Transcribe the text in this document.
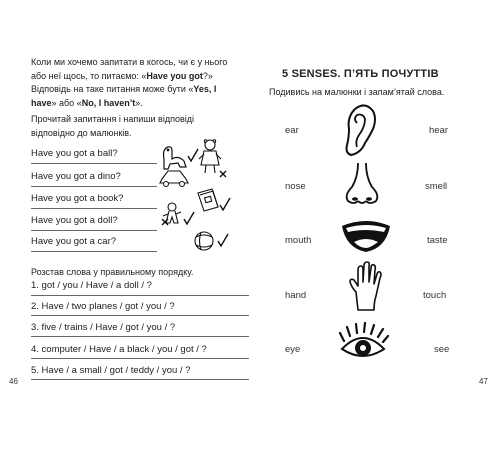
Коли ми хочемо запитати в когось, чи є у нього або неї щось, то питаємо: «Have you got?» Відповідь на таке питання може бути «Yes, I have» або «No, I haven’t».
Прочитай запитання і напиши відповіді відповідно до малюнків.
Have you got a ball?
Have you got a dino?
Have you got a book?
Have you got a doll?
Have you got a car?
Розстав слова у правильному порядку.
1. got / you / Have / a doll / ?
2. Have / two planes / got / you / ?
3. five / trains / Have / got / you / ?
4. computer / Have / a black / you / got / ?
5. Have / a small / got / teddy / you / ?
46
5 SENSES. П’ЯТЬ ПОЧУТТІВ
Подивись на малюнки і запам’ятай слова.
ear	hear
nose	smell
mouth	taste
hand	touch
eye	see
47
